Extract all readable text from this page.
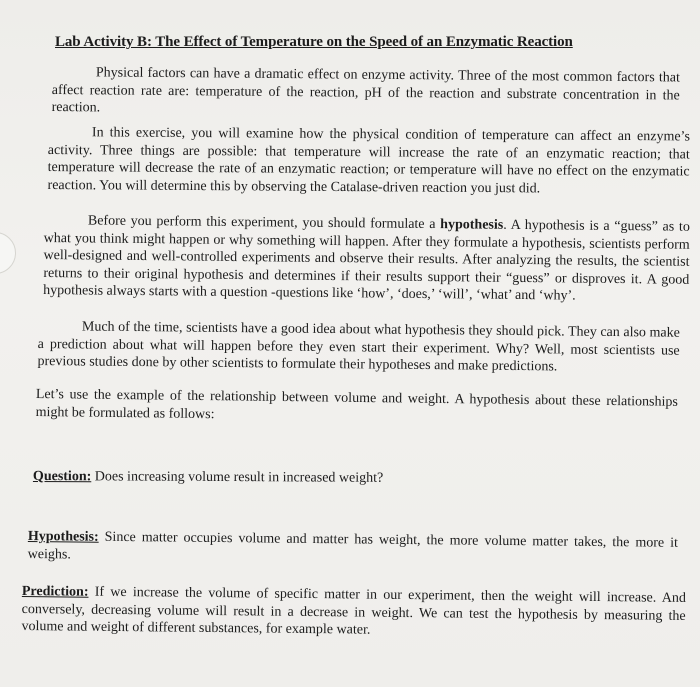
Lab Activity B: The Effect of Temperature on the Speed of an Enzymatic Reaction

Physical factors can have a dramatic effect on enzyme activity. Three of the most common factors that affect reaction rate are: temperature of the reaction, pH of the reaction and substrate concentration in the reaction.

In this exercise, you will examine how the physical condition of temperature can affect an enzyme’s activity. Three things are possible: that temperature will increase the rate of an enzymatic reaction; that temperature will decrease the rate of an enzymatic reaction; or temperature will have no effect on the enzymatic reaction. You will determine this by observing the Catalase-driven reaction you just did.

Before you perform this experiment, you should formulate a hypothesis. A hypothesis is a “guess” as to what you think might happen or why something will happen. After they formulate a hypothesis, scientists perform well-designed and well-controlled experiments and observe their results. After analyzing the results, the scientist returns to their original hypothesis and determines if their results support their “guess” or disproves it. A good hypothesis always starts with a question -questions like ‘how’, ‘does,’ ‘will’, ‘what’ and ‘why’.

Much of the time, scientists have a good idea about what hypothesis they should pick. They can also make a prediction about what will happen before they even start their experiment. Why? Well, most scientists use previous studies done by other scientists to formulate their hypotheses and make predictions.

Let’s use the example of the relationship between volume and weight. A hypothesis about these relationships might be formulated as follows:

Question: Does increasing volume result in increased weight?

Hypothesis: Since matter occupies volume and matter has weight, the more volume matter takes, the more it weighs.

Prediction: If we increase the volume of specific matter in our experiment, then the weight will increase. And conversely, decreasing volume will result in a decrease in weight. We can test the hypothesis by measuring the volume and weight of different substances, for example water.
